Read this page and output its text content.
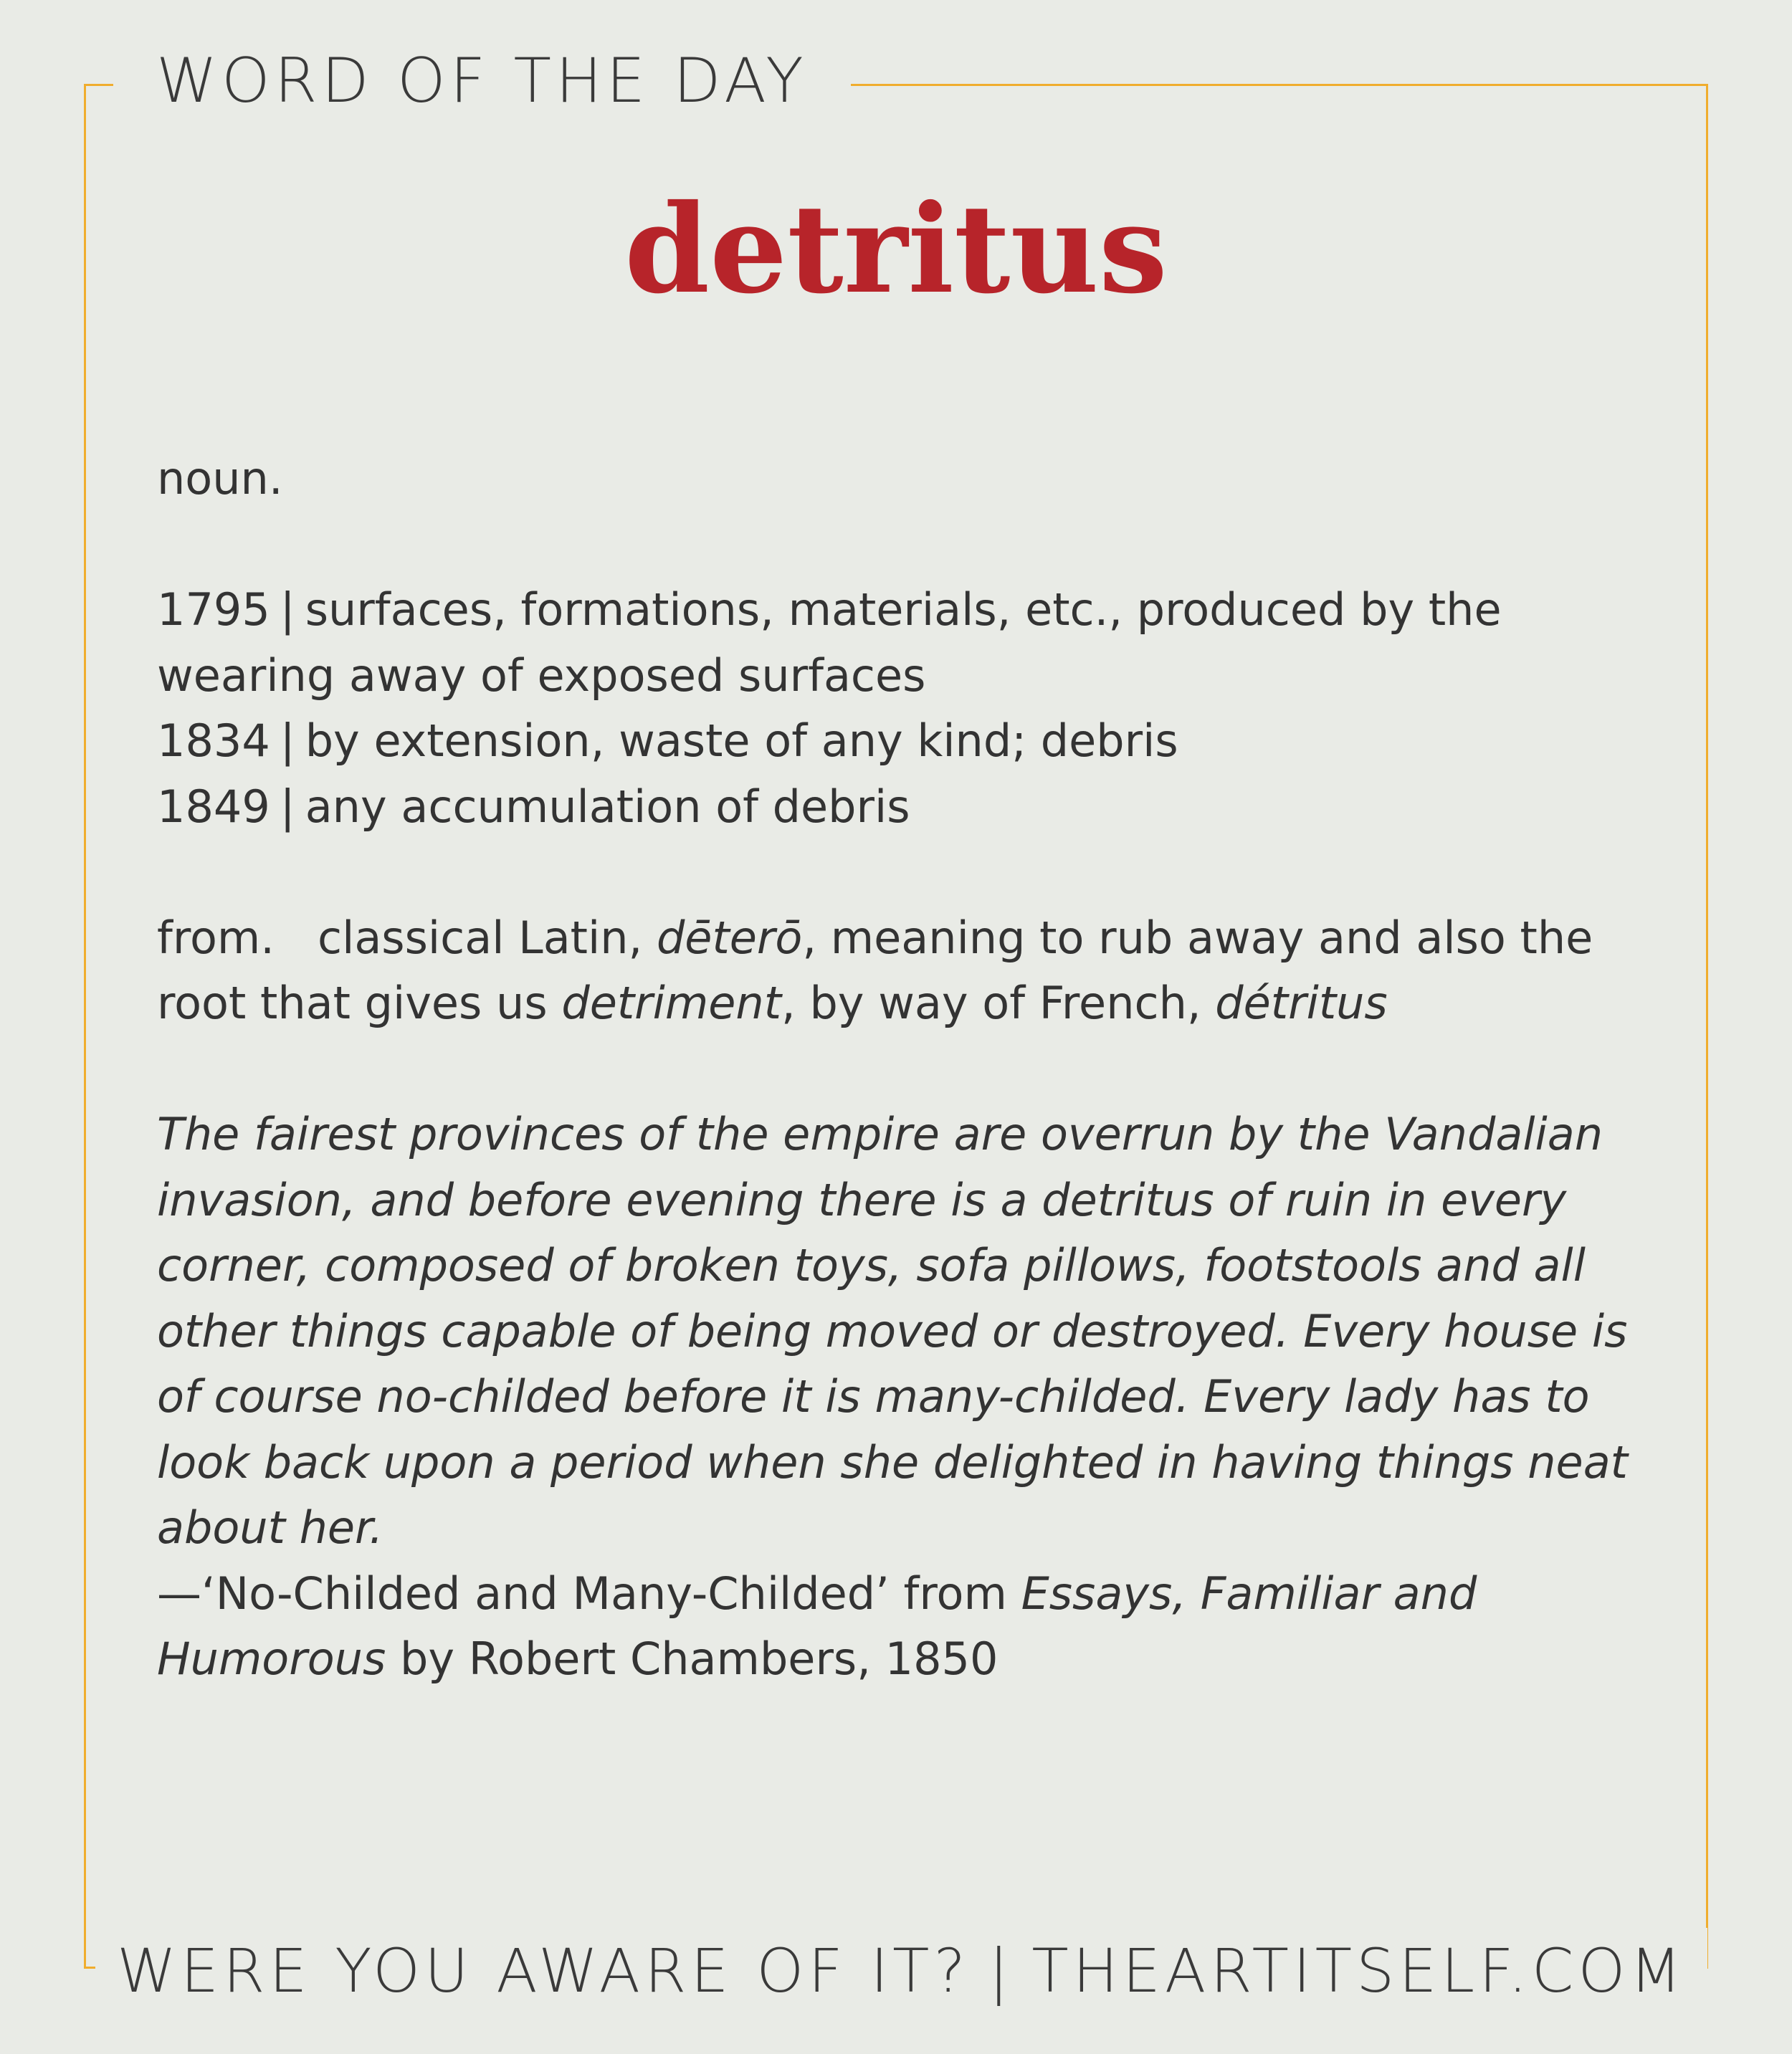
WORD OF THE DAY
detritus

noun.

1795 | surfaces, formations, materials, etc., produced by the wearing away of exposed surfaces

1834 | by extension, waste of any kind; debris

1849 | any accumulation of debris

from. classical Latin, dēterō, meaning to rub away and also the root that gives us detriment, by way of French, détritus

The fairest provinces of the empire are overrun by the Vandalian invasion, and before evening there is a detritus of ruin in every corner, composed of broken toys, sofa pillows, footstools and all other things capable of being moved or destroyed. Every house is of course no-childed before it is many-childed. Every lady has to look back upon a period when she delighted in having things neat about her.

—‘No-Childed and Many-Childed’ from Essays, Familiar and Humorous by Robert Chambers, 1850

WERE YOU AWARE OF IT? | THEARTITSELF.COM
